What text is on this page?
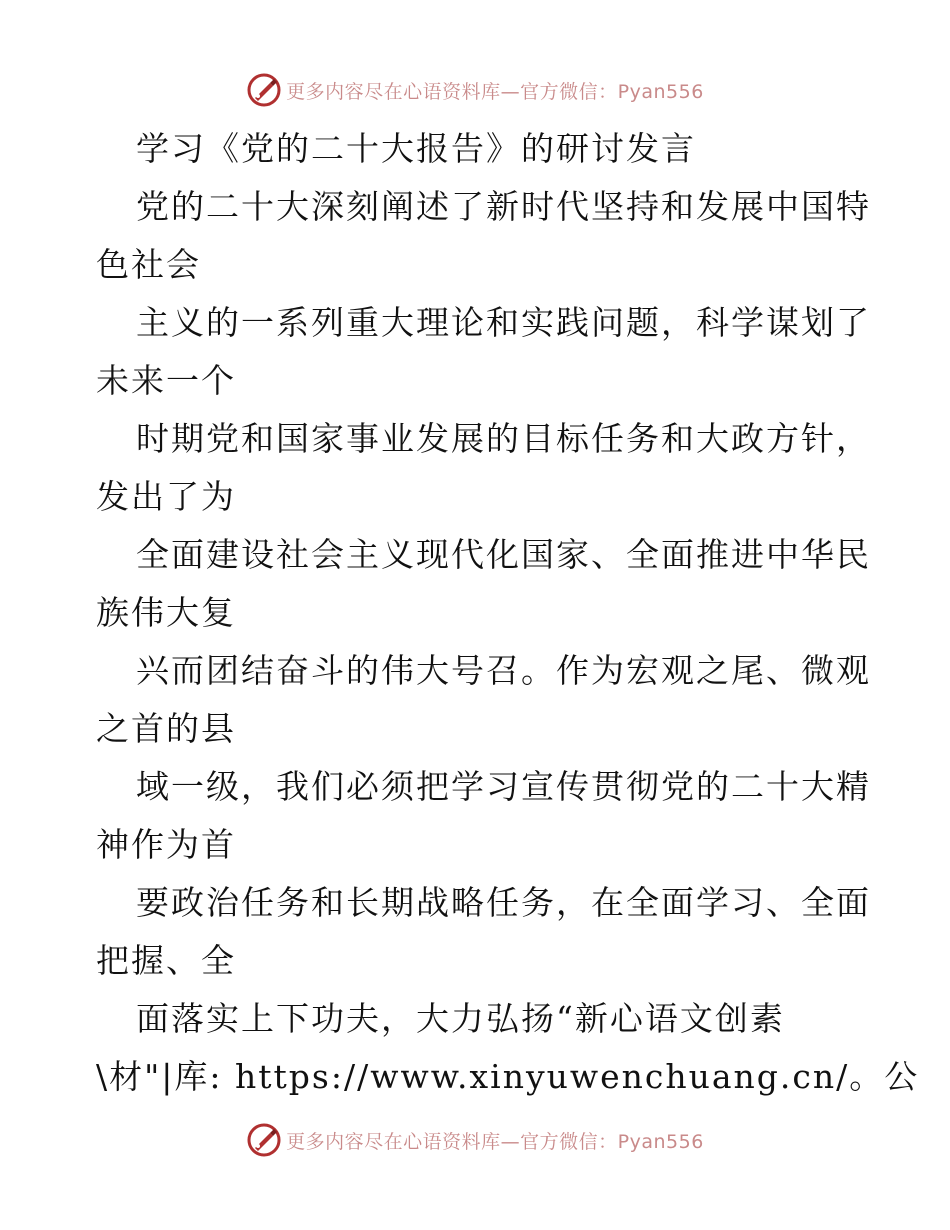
更多内容尽在心语资料库—官方微信：Pyan556
学习《党的二十大报告》的研讨发言
党的二十大深刻阐述了新时代坚持和发展中国特
色社会
主义的一系列重大理论和实践问题，科学谋划了
未来一个
时期党和国家事业发展的目标任务和大政方针，
发出了为
全面建设社会主义现代化国家、全面推进中华民
族伟大复
兴而团结奋斗的伟大号召。作为宏观之尾、微观
之首的县
域一级，我们必须把学习宣传贯彻党的二十大精
神作为首
要政治任务和长期战略任务，在全面学习、全面
把握、全
面落实上下功夫，大力弘扬“新心语文创素
\材"|库: https://www.xinyuwenchuang.cn/。公
更多内容尽在心语资料库—官方微信：Pyan556
